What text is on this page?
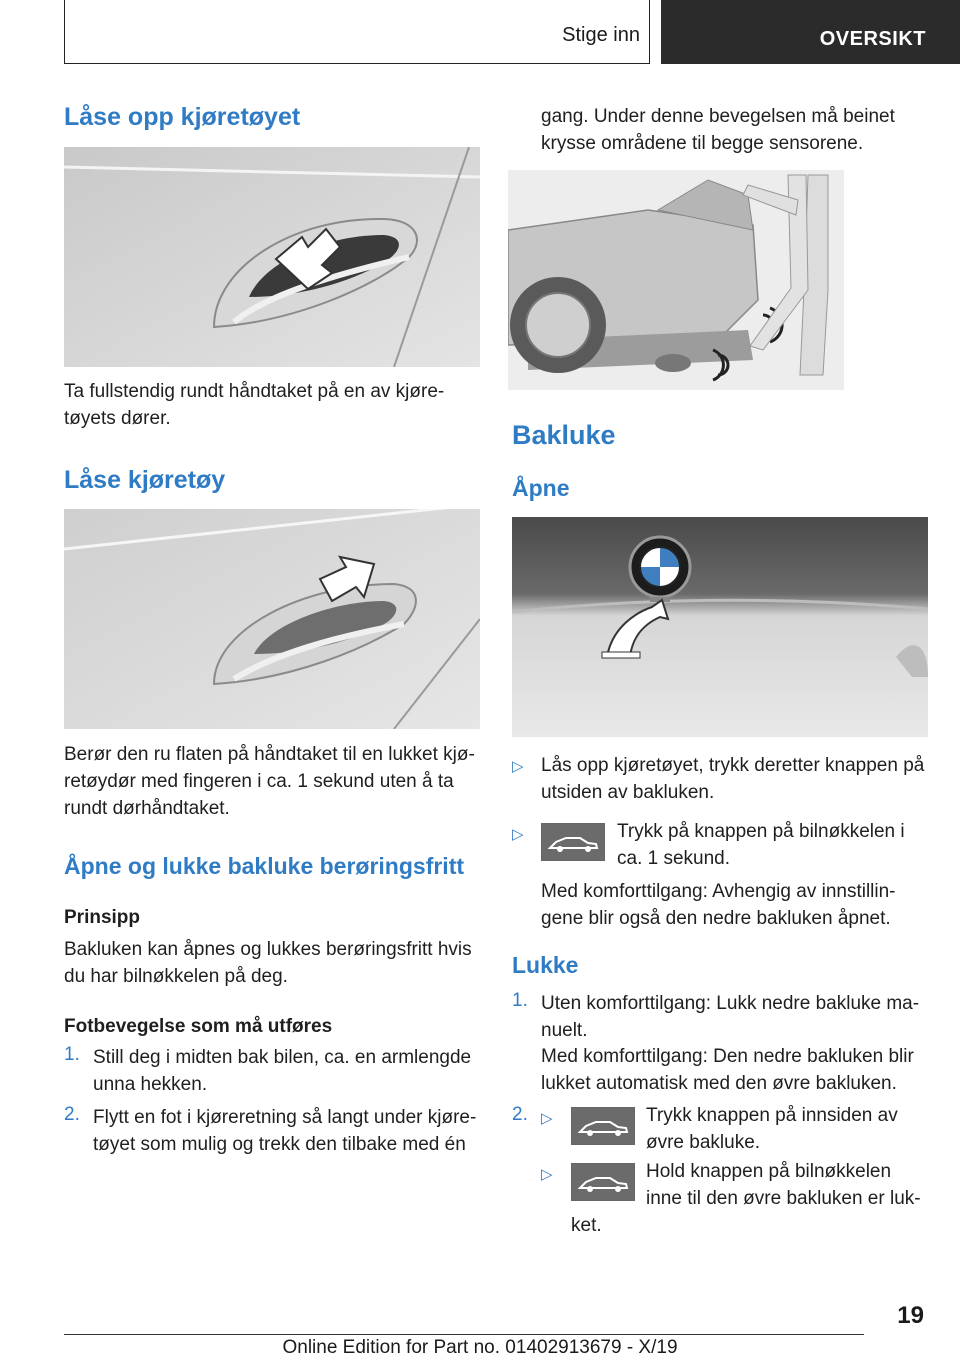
Stige inn	OVERSIKT
Låse opp kjøretøyet
Ta fullstendig rundt håndtaket på en av kjøre-
tøyets dører.
Låse kjøretøy
Berør den ru flaten på håndtaket til en lukket kjø-
retøydør med fingeren i ca. 1 sekund uten å ta
rundt dørhåndtaket.
Åpne og lukke bakluke berøringsfritt
Prinsipp
Bakluken kan åpnes og lukkes berøringsfritt hvis
du har bilnøkkelen på deg.
Fotbevegelse som må utføres
1. Still deg i midten bak bilen, ca. en armlengde
unna hekken.
2. Flytt en fot i kjøreretning så langt under kjøre-
tøyet som mulig og trekk den tilbake med én
gang. Under denne bevegelsen må beinet
krysse områdene til begge sensorene.
Bakluke
Åpne
▷ Lås opp kjøretøyet, trykk deretter knappen på
utsiden av bakluken.
▷	Trykk på knappen på bilnøkkelen i
ca. 1 sekund.
Med komforttilgang: Avhengig av innstillin-
gene blir også den nedre bakluken åpnet.
Lukke
1. Uten komforttilgang: Lukk nedre bakluke ma-
nuelt.
Med komforttilgang: Den nedre bakluken blir
lukket automatisk med den øvre bakluken.
2. ▷	Trykk knappen på innsiden av
øvre bakluke.
▷	Hold knappen på bilnøkkelen
inne til den øvre bakluken er luk-
ket.
19
Online Edition for Part no. 01402913679 - X/19
